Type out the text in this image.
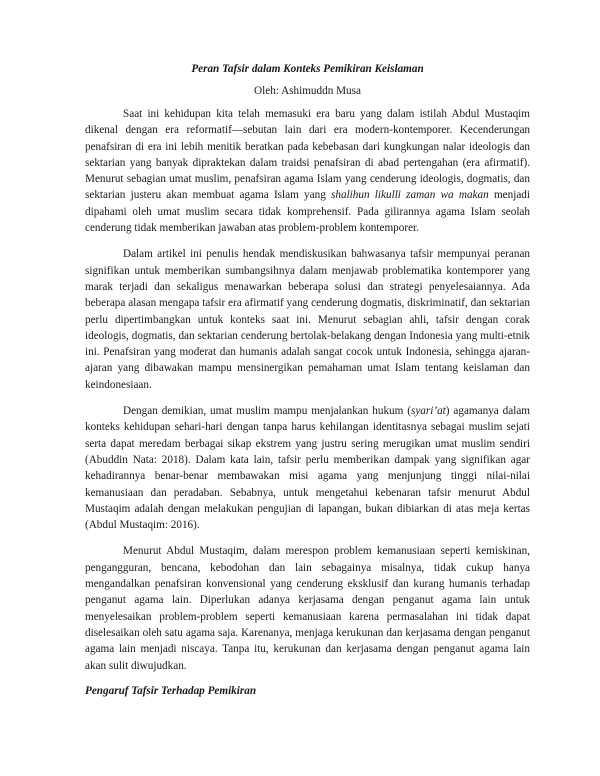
Peran Tafsir dalam Konteks Pemikiran Keislaman
Oleh: Ashimuddn Musa

Saat ini kehidupan kita telah memasuki era baru yang dalam istilah Abdul Mustaqim dikenal dengan era reformatif—sebutan lain dari era modern-kontemporer. Kecenderungan penafsiran di era ini lebih menitik beratkan pada kebebasan dari kungkungan nalar ideologis dan sektarian yang banyak dipraktekan dalam traidsi penafsiran di abad pertengahan (era afirmatif). Menurut sebagian umat muslim, penafsiran agama Islam yang cenderung ideologis, dogmatis, dan sektarian justeru akan membuat agama Islam yang shalihun likulli zaman wa makan menjadi dipahami oleh umat muslim secara tidak komprehensif. Pada gilirannya agama Islam seolah cenderung tidak memberikan jawaban atas problem-problem kontemporer.

Dalam artikel ini penulis hendak mendiskusikan bahwasanya tafsir mempunyai peranan signifikan untuk memberikan sumbangsihnya dalam menjawab problematika kontemporer yang marak terjadi dan sekaligus menawarkan beberapa solusi dan strategi penyelesaiannya. Ada beberapa alasan mengapa tafsir era afirmatif yang cenderung dogmatis, diskriminatif, dan sektarian perlu dipertimbangkan untuk konteks saat ini. Menurut sebagian ahli, tafsir dengan corak ideologis, dogmatis, dan sektarian cenderung bertolak-belakang dengan Indonesia yang multi-etnik ini. Penafsiran yang moderat dan humanis adalah sangat cocok untuk Indonesia, sehingga ajaran-ajaran yang dibawakan mampu mensinergikan pemahaman umat Islam tentang keislaman dan keindonesiaan.

Dengan demikian, umat muslim mampu menjalankan hukum (syari’at) agamanya dalam konteks kehidupan sehari-hari dengan tanpa harus kehilangan identitasnya sebagai muslim sejati serta dapat meredam berbagai sikap ekstrem yang justru sering merugikan umat muslim sendiri (Abuddin Nata: 2018). Dalam kata lain, tafsir perlu memberikan dampak yang signifikan agar kehadirannya benar-benar membawakan misi agama yang menjunjung tinggi nilai-nilai kemanusiaan dan peradaban. Sebabnya, untuk mengetahui kebenaran tafsir menurut Abdul Mustaqim adalah dengan melakukan pengujian di lapangan, bukan dibiarkan di atas meja kertas (Abdul Mustaqim: 2016).

Menurut Abdul Mustaqim, dalam merespon problem kemanusiaan seperti kemiskinan, pengangguran, bencana, kebodohan dan lain sebagainya misalnya, tidak cukup hanya mengandalkan penafsiran konvensional yang cenderung eksklusif dan kurang humanis terhadap penganut agama lain. Diperlukan adanya kerjasama dengan penganut agama lain untuk menyelesaikan problem-problem seperti kemanusiaan karena permasalahan ini tidak dapat diselesaikan oleh satu agama saja. Karenanya, menjaga kerukunan dan kerjasama dengan penganut agama lain menjadi niscaya. Tanpa itu, kerukunan dan kerjasama dengan penganut agama lain akan sulit diwujudkan.

Pengaruf Tafsir Terhadap Pemikiran
